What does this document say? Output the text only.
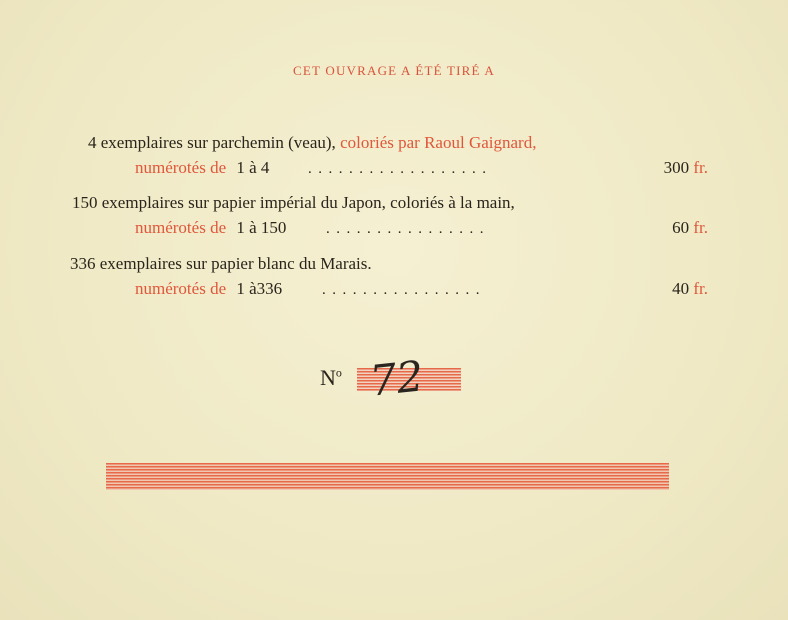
CET OUVRAGE A ÉTÉ TIRÉ A
4 exemplaires sur parchemin (veau), coloriés par Raoul Gaignard,
numérotés de 1 à 4	..................	300 fr.
150 exemplaires sur papier impérial du Japon, coloriés à la main,
numérotés de 1 à 150	................	60 fr.
336 exemplaires sur papier blanc du Marais.
numérotés de 1 à336	................	40 fr.
$N^o$ 72
